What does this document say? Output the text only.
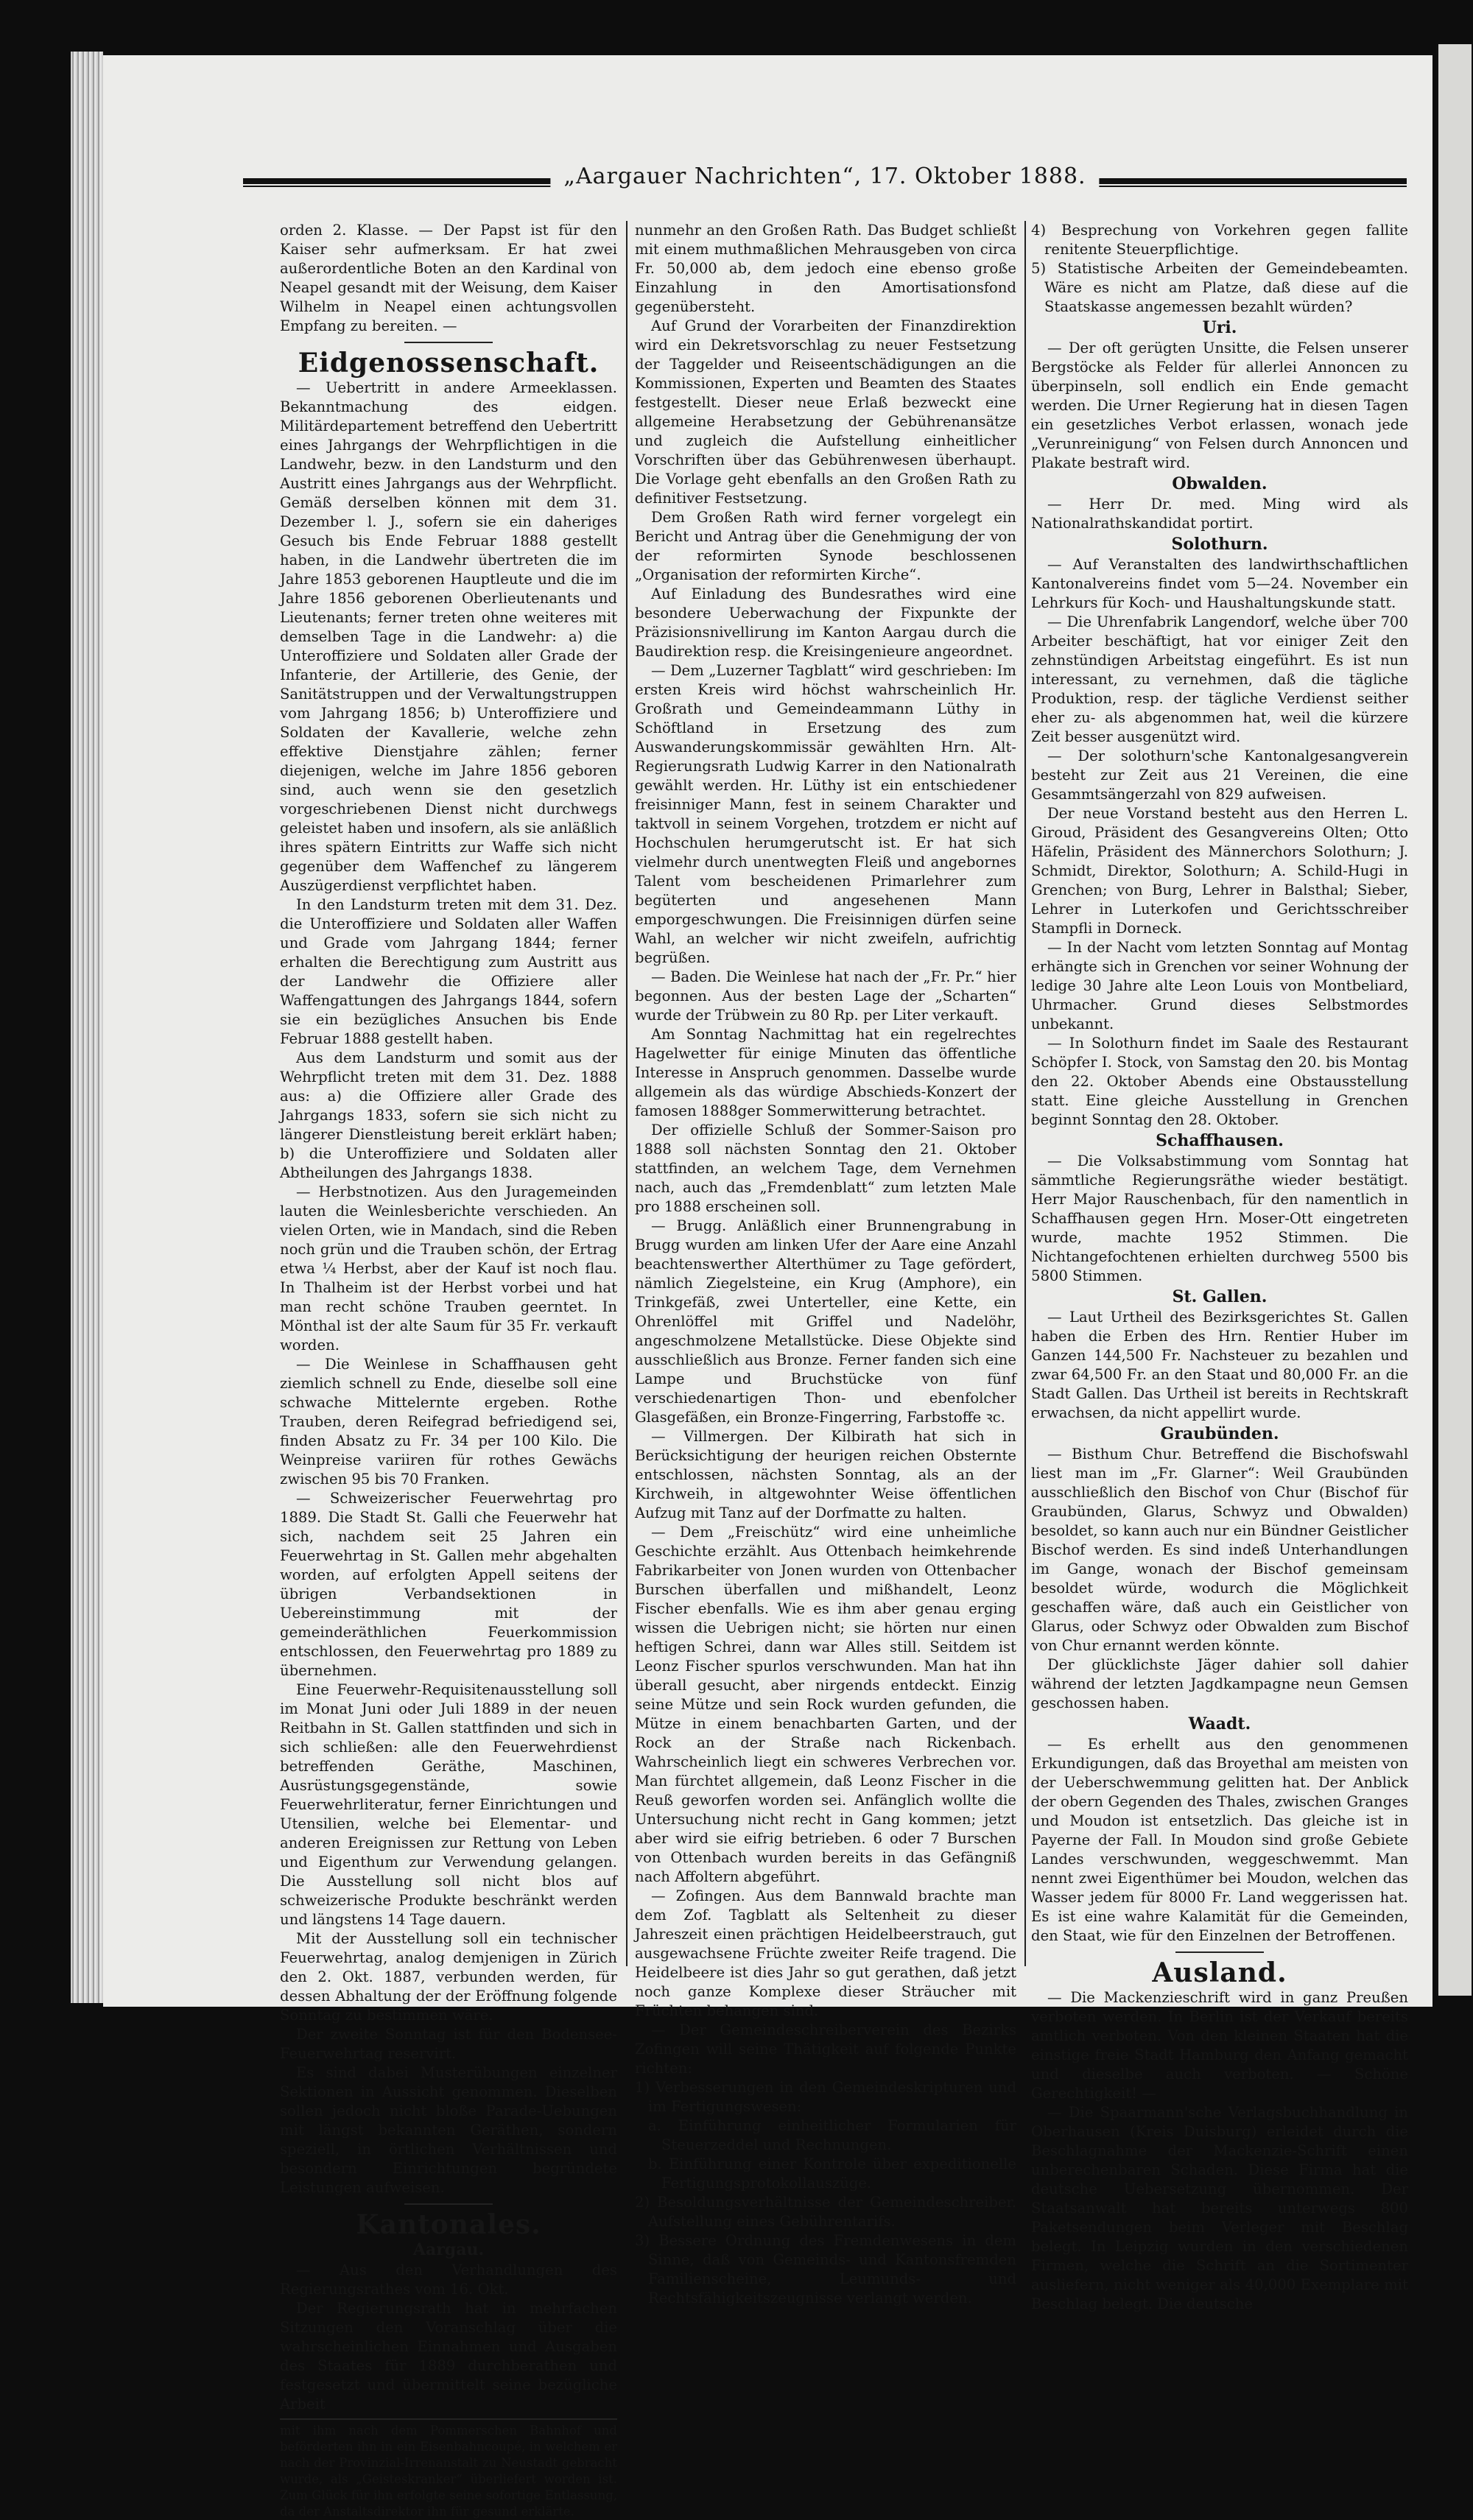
„Aargauer Nachrichten“, 17. Oktober 1888.

orden 2. Klasse. — Der Papst ist für den Kaiser sehr aufmerksam. Er hat zwei außerordentliche Boten an den Kardinal von Neapel gesandt mit der Weisung, dem Kaiser Wilhelm in Neapel einen achtungsvollen Empfang zu bereiten. —

Eidgenossenschaft.

— Uebertritt in andere Armeeklassen. Bekanntmachung des eidgen. Militärdepartement betreffend den Uebertritt eines Jahrgangs der Wehrpflichtigen in die Landwehr, bezw. in den Landsturm und den Austritt eines Jahrgangs aus der Wehrpflicht. Gemäß derselben können mit dem 31. Dezember l. J., sofern sie ein daheriges Gesuch bis Ende Februar 1888 gestellt haben, in die Landwehr übertreten die im Jahre 1853 geborenen Hauptleute und die im Jahre 1856 geborenen Oberlieutenants und Lieutenants; ferner treten ohne weiteres mit demselben Tage in die Landwehr: a) die Unteroffiziere und Soldaten aller Grade der Infanterie, der Artillerie, des Genie, der Sanitätstruppen und der Verwaltungstruppen vom Jahrgang 1856; b) Unteroffiziere und Soldaten der Kavallerie, welche zehn effektive Dienstjahre zählen; ferner diejenigen, welche im Jahre 1856 geboren sind, auch wenn sie den gesetzlich vorgeschriebenen Dienst nicht durchwegs geleistet haben und insofern, als sie anläßlich ihres spätern Eintritts zur Waffe sich nicht gegenüber dem Waffenchef zu längerem Auszügerdienst verpflichtet haben.

In den Landsturm treten mit dem 31. Dez. die Unteroffiziere und Soldaten aller Waffen und Grade vom Jahrgang 1844; ferner erhalten die Berechtigung zum Austritt aus der Landwehr die Offiziere aller Waffengattungen des Jahrgangs 1844, sofern sie ein bezügliches Ansuchen bis Ende Februar 1888 gestellt haben.

Aus dem Landsturm und somit aus der Wehrpflicht treten mit dem 31. Dez. 1888 aus: a) die Offiziere aller Grade des Jahrgangs 1833, sofern sie sich nicht zu längerer Dienstleistung bereit erklärt haben; b) die Unteroffiziere und Soldaten aller Abtheilungen des Jahrgangs 1838.

— Herbstnotizen. Aus den Juragemeinden lauten die Weinlesberichte verschieden. An vielen Orten, wie in Mandach, sind die Reben noch grün und die Trauben schön, der Ertrag etwa ¼ Herbst, aber der Kauf ist noch flau. In Thalheim ist der Herbst vorbei und hat man recht schöne Trauben geerntet. In Mönthal ist der alte Saum für 35 Fr. verkauft worden.

— Die Weinlese in Schaffhausen geht ziemlich schnell zu Ende, dieselbe soll eine schwache Mittelernte ergeben. Rothe Trauben, deren Reifegrad befriedigend sei, finden Absatz zu Fr. 34 per 100 Kilo. Die Weinpreise variiren für rothes Gewächs zwischen 95 bis 70 Franken.

— Schweizerischer Feuerwehrtag pro 1889. Die Stadt St. Galli che Feuerwehr hat sich, nachdem seit 25 Jahren ein Feuerwehrtag in St. Gallen mehr abgehalten worden, auf erfolgten Appell seitens der übrigen Verbandsektionen in Uebereinstimmung mit der gemeinderäthlichen Feuerkommission entschlossen, den Feuerwehrtag pro 1889 zu übernehmen.

Eine Feuerwehr-Requisitenausstellung soll im Monat Juni oder Juli 1889 in der neuen Reitbahn in St. Gallen stattfinden und sich in sich schließen: alle den Feuerwehrdienst betreffenden Geräthe, Maschinen, Ausrüstungsgegenstände, sowie Feuerwehrliteratur, ferner Einrichtungen und Utensilien, welche bei Elementar- und anderen Ereignissen zur Rettung von Leben und Eigenthum zur Verwendung gelangen. Die Ausstellung soll nicht blos auf schweizerische Produkte beschränkt werden und längstens 14 Tage dauern.

Mit der Ausstellung soll ein technischer Feuerwehrtag, analog demjenigen in Zürich den 2. Okt. 1887, verbunden werden, für dessen Abhaltung der der Eröffnung folgende Sonntag zu bestimmen wäre.

Der zweite Sonntag ist für den Bodensee-Feuerwehrtag reservirt.

Es sind dabei Musterübungen einzelner Sektionen in Aussicht genommen. Dieselben sollen jedoch nicht bloße Parade-Uebungen mit längst bekannten Geräthen, sondern speziell, in örtlichen Verhältnissen und besondern Einrichtungen begründete Leistungen aufweisen.

Kantonales.
Aargau.

— Aus den Verhandlungen des Regierungsrathes vom 16. Okt.

Der Regierungsrath hat in mehrfachen Sitzungen den Voranschlag über die wahrscheinlichen Einnahmen und Ausgaben des Staates für 1889 durchberathen und festgesetzt und übermittelt seine bezügliche Arbeit

mit ihm nach dem Pommerschen Bahnhof und beförderten ihn in ein Eisenbahncoupé, in welchem er nach der Provinzial-Irrenanstalt zu Neustadt gebracht wurde, als „Geisteskranker“ überliefert worden ist. Zum Glück für ihn erfolgte seine sofortige Entlassung, da der Anstaltsdirektor ihn für gesund erklärte.

nunmehr an den Großen Rath. Das Budget schließt mit einem muthmaßlichen Mehrausgeben von circa Fr. 50,000 ab, dem jedoch eine ebenso große Einzahlung in den Amortisationsfond gegenübersteht.

Auf Grund der Vorarbeiten der Finanzdirektion wird ein Dekretsvorschlag zu neuer Festsetzung der Taggelder und Reiseentschädigungen an die Kommissionen, Experten und Beamten des Staates festgestellt. Dieser neue Erlaß bezweckt eine allgemeine Herabsetzung der Gebührenansätze und zugleich die Aufstellung einheitlicher Vorschriften über das Gebührenwesen überhaupt. Die Vorlage geht ebenfalls an den Großen Rath zu definitiver Festsetzung.

Dem Großen Rath wird ferner vorgelegt ein Bericht und Antrag über die Genehmigung der von der reformirten Synode beschlossenen „Organisation der reformirten Kirche“.

Auf Einladung des Bundesrathes wird eine besondere Ueberwachung der Fixpunkte der Präzisionsnivellirung im Kanton Aargau durch die Baudirektion resp. die Kreisingenieure angeordnet.

— Dem „Luzerner Tagblatt“ wird geschrieben: Im ersten Kreis wird höchst wahrscheinlich Hr. Großrath und Gemeindeammann Lüthy in Schöftland in Ersetzung des zum Auswanderungskommissär gewählten Hrn. Alt-Regierungsrath Ludwig Karrer in den Nationalrath gewählt werden. Hr. Lüthy ist ein entschiedener freisinniger Mann, fest in seinem Charakter und taktvoll in seinem Vorgehen, trotzdem er nicht auf Hochschulen herumgerutscht ist. Er hat sich vielmehr durch unentwegten Fleiß und angebornes Talent vom bescheidenen Primarlehrer zum begüterten und angesehenen Mann emporgeschwungen. Die Freisinnigen dürfen seine Wahl, an welcher wir nicht zweifeln, aufrichtig begrüßen.

— Baden. Die Weinlese hat nach der „Fr. Pr.“ hier begonnen. Aus der besten Lage der „Scharten“ wurde der Trübwein zu 80 Rp. per Liter verkauft.

Am Sonntag Nachmittag hat ein regelrechtes Hagelwetter für einige Minuten das öffentliche Interesse in Anspruch genommen. Dasselbe wurde allgemein als das würdige Abschieds-Konzert der famosen 1888ger Sommerwitterung betrachtet.

Der offizielle Schluß der Sommer-Saison pro 1888 soll nächsten Sonntag den 21. Oktober stattfinden, an welchem Tage, dem Vernehmen nach, auch das „Fremdenblatt“ zum letzten Male pro 1888 erscheinen soll.

— Brugg. Anläßlich einer Brunnengrabung in Brugg wurden am linken Ufer der Aare eine Anzahl beachtenswerther Alterthümer zu Tage gefördert, nämlich Ziegelsteine, ein Krug (Amphore), ein Trinkgefäß, zwei Unterteller, eine Kette, ein Ohrenlöffel mit Griffel und Nadelöhr, angeschmolzene Metallstücke. Diese Objekte sind ausschließlich aus Bronze. Ferner fanden sich eine Lampe und Bruchstücke von fünf verschiedenartigen Thon- und ebenfolcher Glasgefäßen, ein Bronze-Fingerring, Farbstoffe ꝛc.

— Villmergen. Der Kilbirath hat sich in Berücksichtigung der heurigen reichen Obsternte entschlossen, nächsten Sonntag, als an der Kirchweih, in altgewohnter Weise öffentlichen Aufzug mit Tanz auf der Dorfmatte zu halten.

— Dem „Freischütz“ wird eine unheimliche Geschichte erzählt. Aus Ottenbach heimkehrende Fabrikarbeiter von Jonen wurden von Ottenbacher Burschen überfallen und mißhandelt, Leonz Fischer ebenfalls. Wie es ihm aber genau erging wissen die Uebrigen nicht; sie hörten nur einen heftigen Schrei, dann war Alles still. Seitdem ist Leonz Fischer spurlos verschwunden. Man hat ihn überall gesucht, aber nirgends entdeckt. Einzig seine Mütze und sein Rock wurden gefunden, die Mütze in einem benachbarten Garten, und der Rock an der Straße nach Rickenbach. Wahrscheinlich liegt ein schweres Verbrechen vor. Man fürchtet allgemein, daß Leonz Fischer in die Reuß geworfen worden sei. Anfänglich wollte die Untersuchung nicht recht in Gang kommen; jetzt aber wird sie eifrig betrieben. 6 oder 7 Burschen von Ottenbach wurden bereits in das Gefängniß nach Affoltern abgeführt.

— Zofingen. Aus dem Bannwald brachte man dem Zof. Tagblatt als Seltenheit zu dieser Jahreszeit einen prächtigen Heidelbeerstrauch, gut ausgewachsene Früchte zweiter Reife tragend. Die Heidelbeere ist dies Jahr so gut gerathen, daß jetzt noch ganze Komplexe dieser Sträucher mit Früchten behangen sind.

— Der Gemeindeschreiberverein des Bezirks Zofingen will seine Thätigkeit auf folgende Punkte richten:

1) Verbesserungen in den Gemeindeskripturen und im Fertigungswesen:
a. Einführung einheitlicher Formularien für Steuerzeddel und Rechnungen.
b. Einführung einer Kontrole über expeditionelle Fertigungsprotokollauszüge.
2) Besoldungsverhältnisse der Gemeindeschreiber. Aufstellung eines Gebührentarifs.
3) Bessere Ordnung des Fremdenwesens in dem Sinne, daß von Gemeinds- und Kantonsfremden Familienscheine, Leumunds- und Rechtsfähigkeitszeugnisse verlangt werden.
4) Besprechung von Vorkehren gegen fallite renitente Steuerpflichtige.
5) Statistische Arbeiten der Gemeindebeamten. Wäre es nicht am Platze, daß diese auf die Staatskasse angemessen bezahlt würden?
Uri.

— Der oft gerügten Unsitte, die Felsen unserer Bergstöcke als Felder für allerlei Annoncen zu überpinseln, soll endlich ein Ende gemacht werden. Die Urner Regierung hat in diesen Tagen ein gesetzliches Verbot erlassen, wonach jede „Verunreinigung“ von Felsen durch Annoncen und Plakate bestraft wird.

Obwalden.

— Herr Dr. med. Ming wird als Nationalrathskandidat portirt.

Solothurn.

— Auf Veranstalten des landwirthschaftlichen Kantonalvereins findet vom 5—24. November ein Lehrkurs für Koch- und Haushaltungskunde statt.

— Die Uhrenfabrik Langendorf, welche über 700 Arbeiter beschäftigt, hat vor einiger Zeit den zehnstündigen Arbeitstag eingeführt. Es ist nun interessant, zu vernehmen, daß die tägliche Produktion, resp. der tägliche Verdienst seither eher zu- als abgenommen hat, weil die kürzere Zeit besser ausgenützt wird.

— Der solothurn'sche Kantonalgesangverein besteht zur Zeit aus 21 Vereinen, die eine Gesammtsängerzahl von 829 aufweisen.

Der neue Vorstand besteht aus den Herren L. Giroud, Präsident des Gesangvereins Olten; Otto Häfelin, Präsident des Männerchors Solothurn; J. Schmidt, Direktor, Solothurn; A. Schild-Hugi in Grenchen; von Burg, Lehrer in Balsthal; Sieber, Lehrer in Luterkofen und Gerichtsschreiber Stampfli in Dorneck.

— In der Nacht vom letzten Sonntag auf Montag erhängte sich in Grenchen vor seiner Wohnung der ledige 30 Jahre alte Leon Louis von Montbeliard, Uhrmacher. Grund dieses Selbstmordes unbekannt.

— In Solothurn findet im Saale des Restaurant Schöpfer I. Stock, von Samstag den 20. bis Montag den 22. Oktober Abends eine Obstausstellung statt. Eine gleiche Ausstellung in Grenchen beginnt Sonntag den 28. Oktober.

Schaffhausen.

— Die Volksabstimmung vom Sonntag hat sämmtliche Regierungsräthe wieder bestätigt. Herr Major Rauschenbach, für den namentlich in Schaffhausen gegen Hrn. Moser-Ott eingetreten wurde, machte 1952 Stimmen. Die Nichtangefochtenen erhielten durchweg 5500 bis 5800 Stimmen.

St. Gallen.

— Laut Urtheil des Bezirksgerichtes St. Gallen haben die Erben des Hrn. Rentier Huber im Ganzen 144,500 Fr. Nachsteuer zu bezahlen und zwar 64,500 Fr. an den Staat und 80,000 Fr. an die Stadt Gallen. Das Urtheil ist bereits in Rechtskraft erwachsen, da nicht appellirt wurde.

Graubünden.

— Bisthum Chur. Betreffend die Bischofswahl liest man im „Fr. Glarner“: Weil Graubünden ausschließlich den Bischof von Chur (Bischof für Graubünden, Glarus, Schwyz und Obwalden) besoldet, so kann auch nur ein Bündner Geistlicher Bischof werden. Es sind indeß Unterhandlungen im Gange, wonach der Bischof gemeinsam besoldet würde, wodurch die Möglichkeit geschaffen wäre, daß auch ein Geistlicher von Glarus, oder Schwyz oder Obwalden zum Bischof von Chur ernannt werden könnte.

Der glücklichste Jäger dahier soll dahier während der letzten Jagdkampagne neun Gemsen geschossen haben.

Waadt.

— Es erhellt aus den genommenen Erkundigungen, daß das Broyethal am meisten von der Ueberschwemmung gelitten hat. Der Anblick der obern Gegenden des Thales, zwischen Granges und Moudon ist entsetzlich. Das gleiche ist in Payerne der Fall. In Moudon sind große Gebiete Landes verschwunden, weggeschwemmt. Man nennt zwei Eigenthümer bei Moudon, welchen das Wasser jedem für 8000 Fr. Land weggerissen hat. Es ist eine wahre Kalamität für die Gemeinden, den Staat, wie für den Einzelnen der Betroffenen.

Ausland.

— Die Mackenzieschrift wird in ganz Preußen verboten werden. In Berlin ist der Verkauf bereits amtlich verboten. Von den kleinen Staaten hat die einstige freie Stadt Hamburg den Anfang gemacht und dieselbe auch verboten. — Schöne Gerechtigkeit! —

— Die Spaarmann'sche Verlagsbuchhandlung in Oberhausen (Kreis Duisburg) erleidet durch die Beschlagnahme der Mackenzie-Schrift einen unberechenbaren Schaden. Diese Firma hat die deutsche Uebersetzung übernommen. Der Staatsanwalt hat bereits unterwegs 800 Paketsendungen beim Verleger mit Beschlag belegt. In Leipzig wurden in den verschiedenen Firmen, welche die Schrift an die Sortimenter ausliefern, nicht weniger als 40,000 Exemplare mit Beschlag belegt. Die deutsche
